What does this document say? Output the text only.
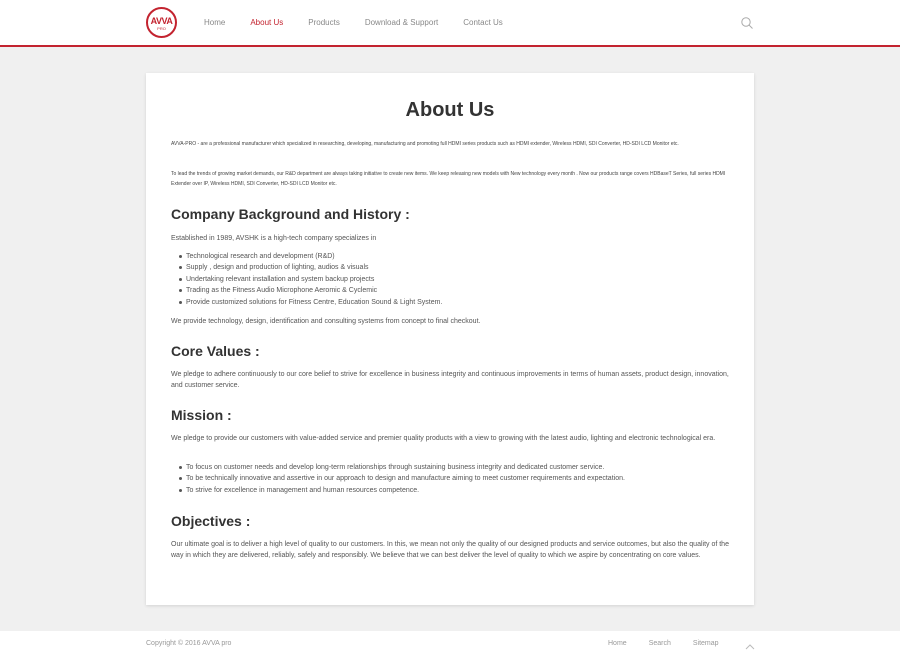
AVVA
PRO
Home	About Us	Products	Download & Support	Contact Us
About Us

AVVA-PRO - are a professional manufacturer which specialized in researching, developing, manufacturing and promoting full HDMI series products such as HDMI extender, Wireless HDMI, SDI Converter, HD-SDI LCD Monitor etc.

To lead the trends of growing market demands, our R&D department are always taking initiative to create new items. We keep releasing new models with New technology every month . Now our products range covers HDBaseT Series, full series HDMI Extender over IP, Wireless HDMI, SDI Converter, HD-SDI LCD Monitor etc.

Company Background and History :

Established in 1989, AVSHK is a high-tech company specializes in

Technological research and development (R&D)
Supply , design and production of lighting, audios & visuals
Undertaking relevant installation and system backup projects
Trading as the Fitness Audio Microphone Aeromic & Cyclemic
Provide customized solutions for Fitness Centre, Education Sound & Light System.

We provide technology, design, identification and consulting systems from concept to final checkout.

Core Values :

We pledge to adhere continuously to our core belief to strive for excellence in business integrity and continuous improvements in terms of human assets, product design, innovation, and customer service.

Mission :

We pledge to provide our customers with value-added service and premier quality products with a view to growing with the latest audio, lighting and electronic technological era.

To focus on customer needs and develop long-term relationships through sustaining business integrity and dedicated customer service.
To be technically innovative and assertive in our approach to design and manufacture aiming to meet customer requirements and expectation.
To strive for excellence in management and human resources competence.
Objectives :

Our ultimate goal is to deliver a high level of quality to our customers. In this, we mean not only the quality of our designed products and service outcomes, but also the quality of the way in which they are delivered, reliably, safely and responsibly. We believe that we can best deliver the level of quality to which we aspire by concentrating on core values.

Copyright © 2016 AVVA pro	Home	Search	Sitemap
